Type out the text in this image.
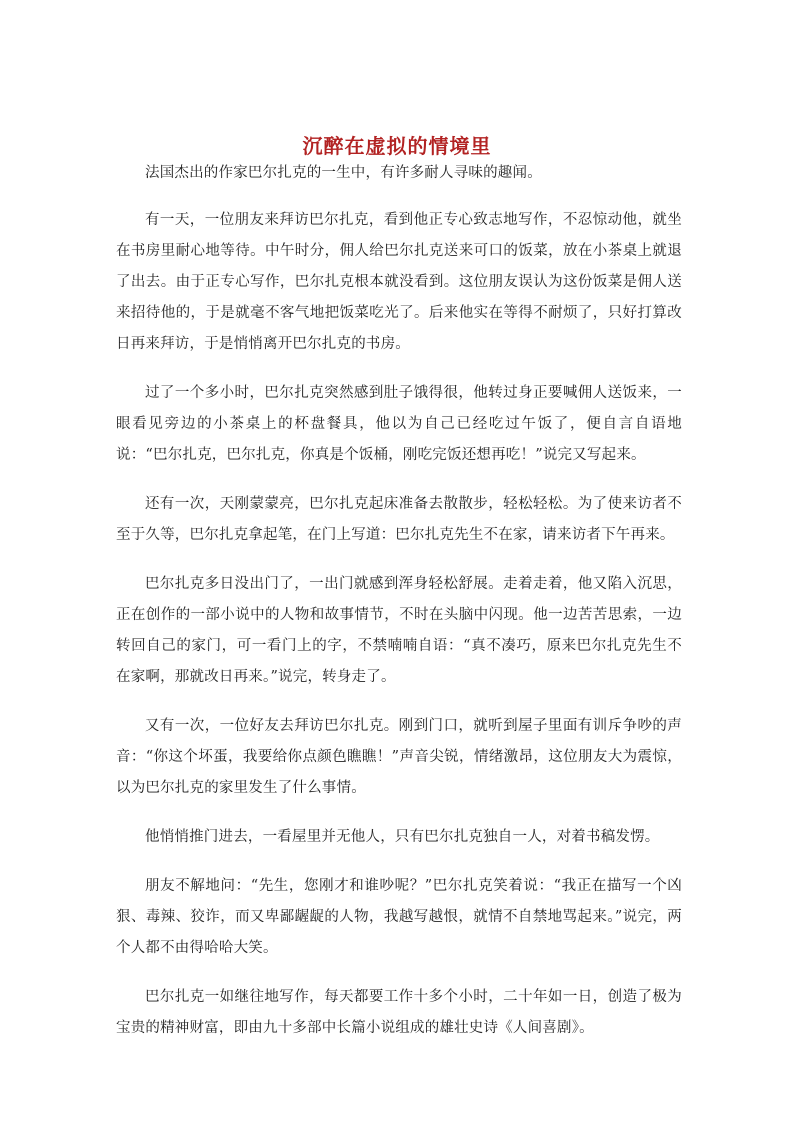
沉醉在虚拟的情境里

法国杰出的作家巴尔扎克的一生中，有许多耐人寻味的趣闻。

有一天，一位朋友来拜访巴尔扎克，看到他正专心致志地写作，不忍惊动他，就坐在书房里耐心地等待。中午时分，佣人给巴尔扎克送来可口的饭菜，放在小茶桌上就退了出去。由于正专心写作，巴尔扎克根本就没看到。这位朋友误认为这份饭菜是佣人送来招待他的，于是就毫不客气地把饭菜吃光了。后来他实在等得不耐烦了，只好打算改日再来拜访，于是悄悄离开巴尔扎克的书房。

过了一个多小时，巴尔扎克突然感到肚子饿得很，他转过身正要喊佣人送饭来，一眼看见旁边的小茶桌上的杯盘餐具，他以为自己已经吃过午饭了，便自言自语地说：“巴尔扎克，巴尔扎克，你真是个饭桶，刚吃完饭还想再吃！”说完又写起来。

还有一次，天刚蒙蒙亮，巴尔扎克起床准备去散散步，轻松轻松。为了使来访者不至于久等，巴尔扎克拿起笔，在门上写道：巴尔扎克先生不在家，请来访者下午再来。

巴尔扎克多日没出门了，一出门就感到浑身轻松舒展。走着走着，他又陷入沉思，正在创作的一部小说中的人物和故事情节，不时在头脑中闪现。他一边苦苦思索，一边转回自己的家门，可一看门上的字，不禁喃喃自语：“真不凑巧，原来巴尔扎克先生不在家啊，那就改日再来。”说完，转身走了。

又有一次，一位好友去拜访巴尔扎克。刚到门口，就听到屋子里面有训斥争吵的声音：“你这个坏蛋，我要给你点颜色瞧瞧！”声音尖锐，情绪激昂，这位朋友大为震惊，以为巴尔扎克的家里发生了什么事情。

他悄悄推门进去，一看屋里并无他人，只有巴尔扎克独自一人，对着书稿发愣。

朋友不解地问：“先生，您刚才和谁吵呢？”巴尔扎克笑着说：“我正在描写一个凶狠、毒辣、狡诈，而又卑鄙龌龊的人物，我越写越恨，就情不自禁地骂起来。”说完，两个人都不由得哈哈大笑。

巴尔扎克一如继往地写作，每天都要工作十多个小时，二十年如一日，创造了极为宝贵的精神财富，即由九十多部中长篇小说组成的雄壮史诗《人间喜剧》。
